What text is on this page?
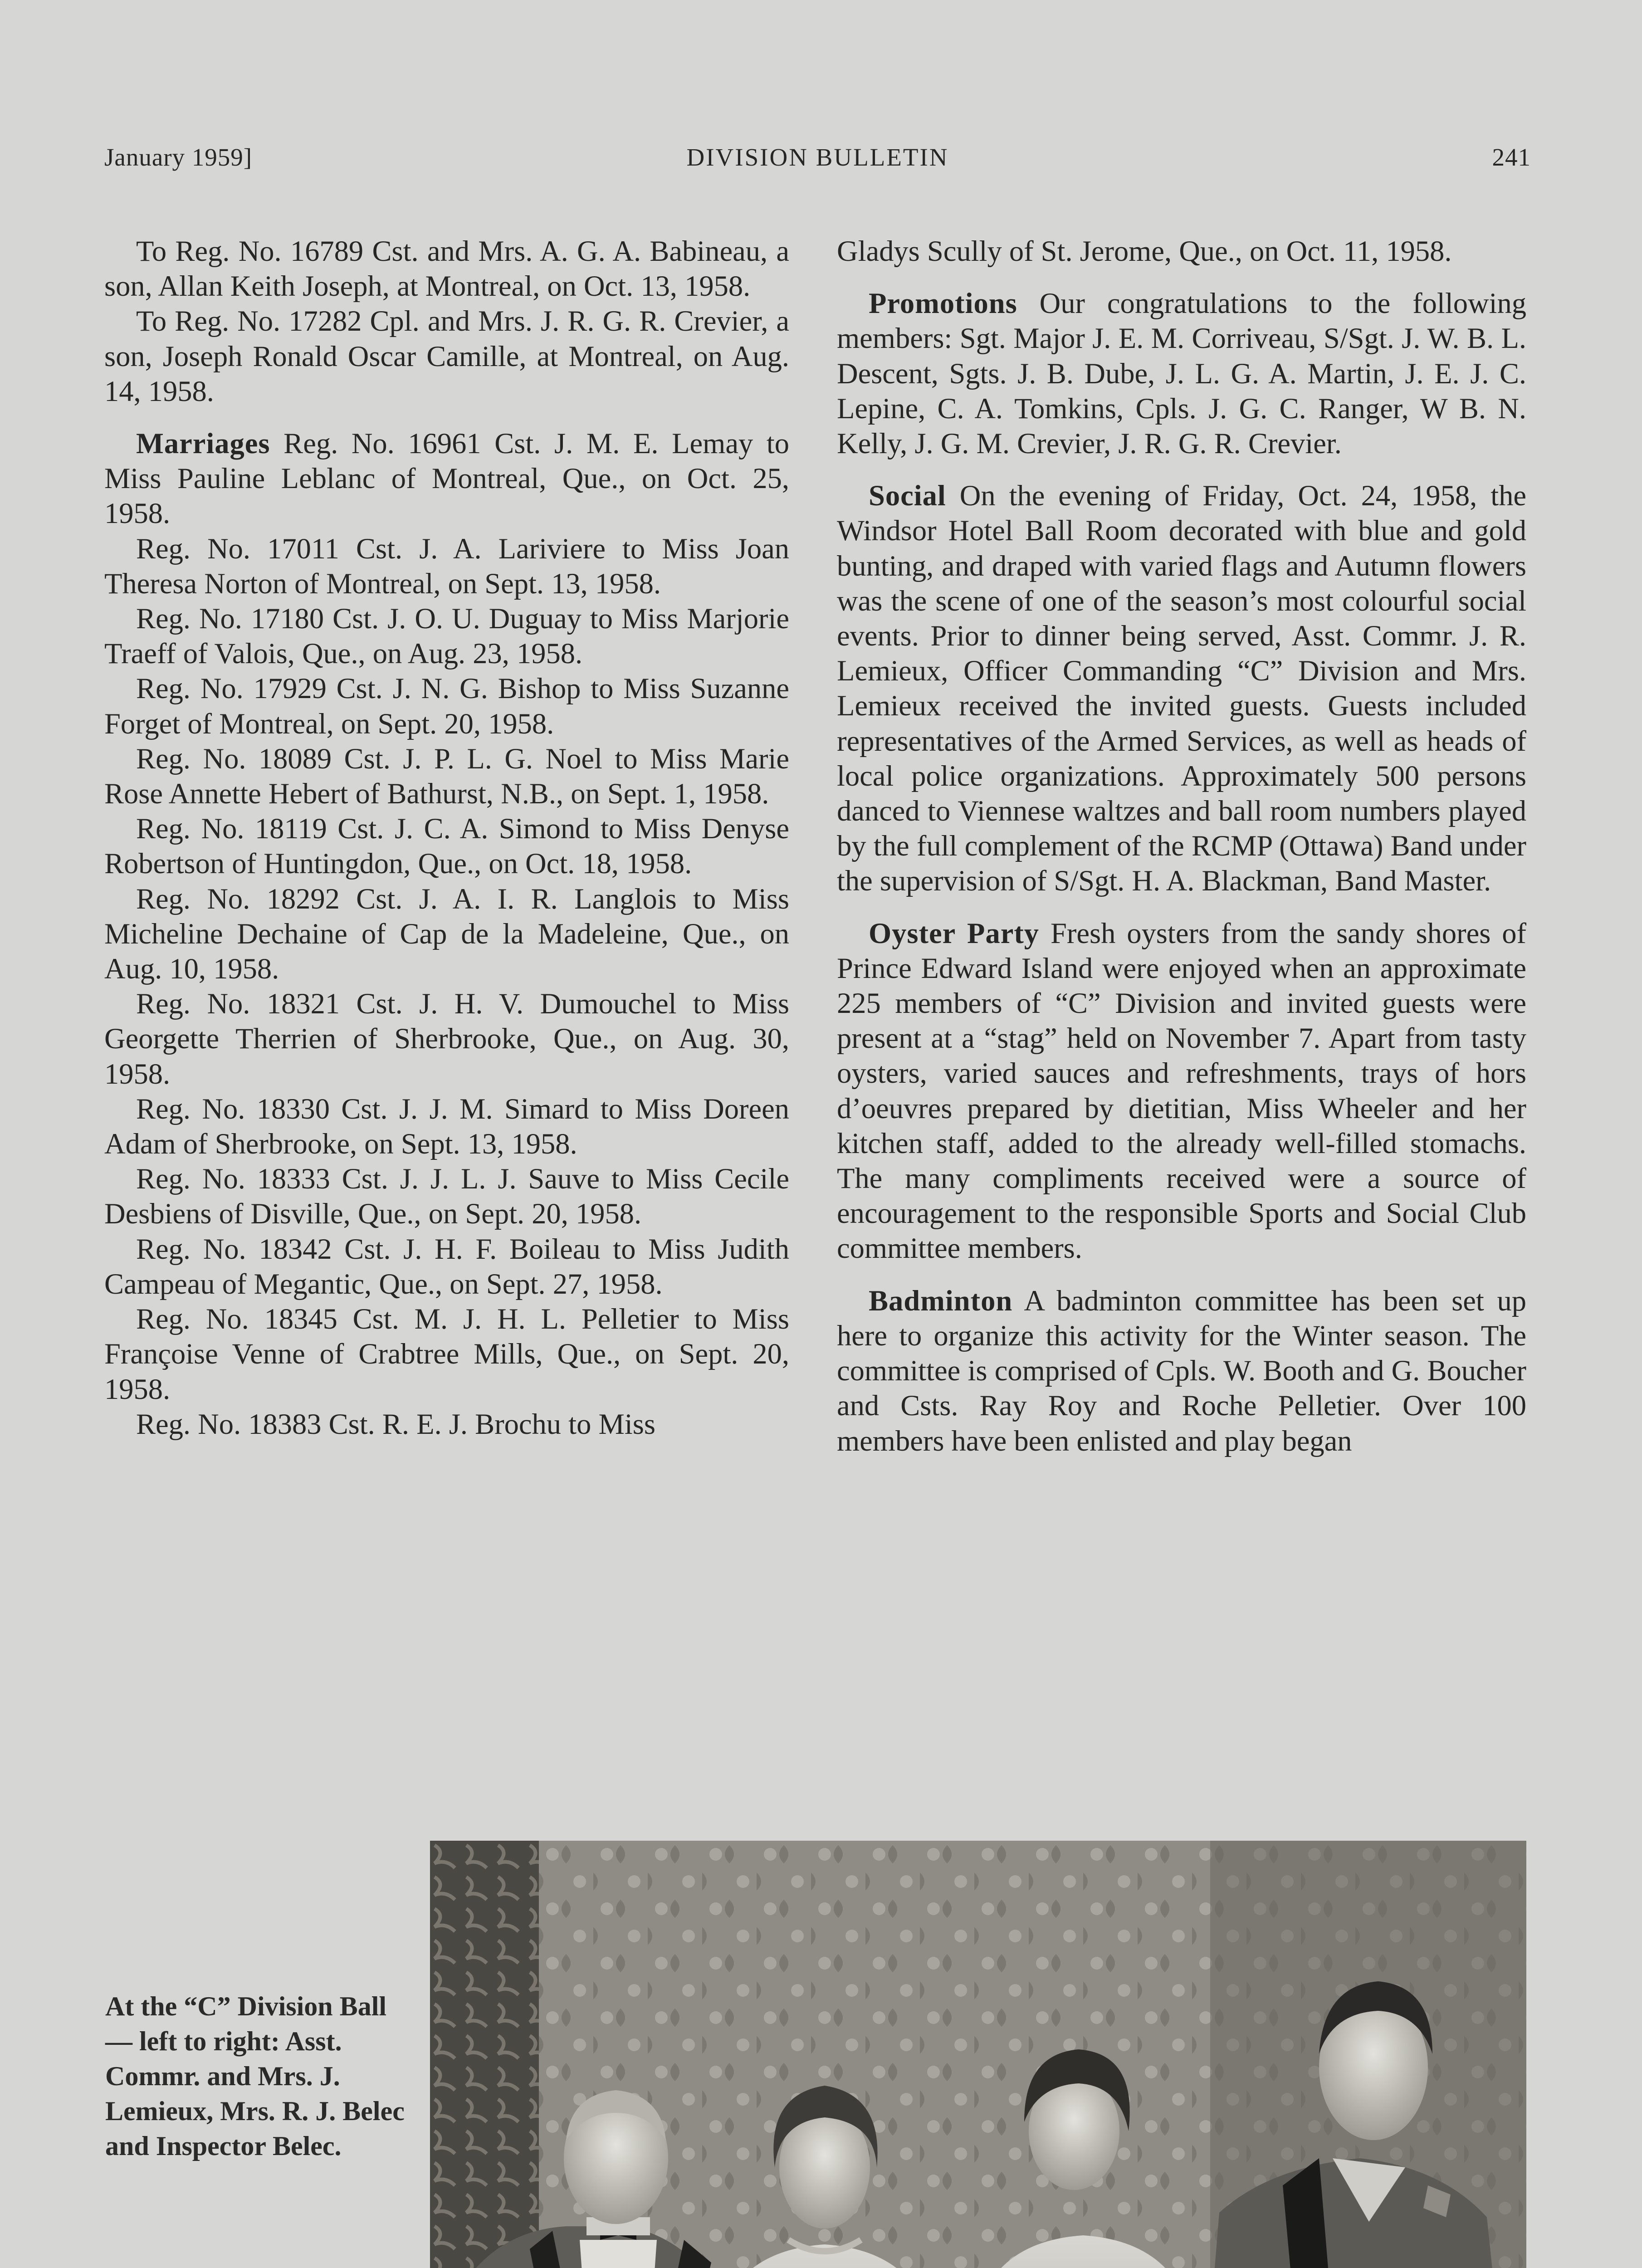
January 1959]	DIVISION BULLETIN	241

To Reg. No. 16789 Cst. and Mrs. A. G. A. Babineau, a son, Allan Keith Joseph, at Montreal, on Oct. 13, 1958.

To Reg. No. 17282 Cpl. and Mrs. J. R. G. R. Crevier, a son, Joseph Ronald Oscar Camille, at Montreal, on Aug. 14, 1958.

Marriages Reg. No. 16961 Cst. J. M. E. Lemay to Miss Pauline Leblanc of Montreal, Que., on Oct. 25, 1958.

Reg. No. 17011 Cst. J. A. Lariviere to Miss Joan Theresa Norton of Montreal, on Sept. 13, 1958.

Reg. No. 17180 Cst. J. O. U. Duguay to Miss Marjorie Traeff of Valois, Que., on Aug. 23, 1958.

Reg. No. 17929 Cst. J. N. G. Bishop to Miss Suzanne Forget of Montreal, on Sept. 20, 1958.

Reg. No. 18089 Cst. J. P. L. G. Noel to Miss Marie Rose Annette Hebert of Bathurst, N.B., on Sept. 1, 1958.

Reg. No. 18119 Cst. J. C. A. Simond to Miss Denyse Robertson of Huntingdon, Que., on Oct. 18, 1958.

Reg. No. 18292 Cst. J. A. I. R. Langlois to Miss Micheline Dechaine of Cap de la Madeleine, Que., on Aug. 10, 1958.

Reg. No. 18321 Cst. J. H. V. Dumouchel to Miss Georgette Therrien of Sherbrooke, Que., on Aug. 30, 1958.

Reg. No. 18330 Cst. J. J. M. Simard to Miss Doreen Adam of Sherbrooke, on Sept. 13, 1958.

Reg. No. 18333 Cst. J. J. L. J. Sauve to Miss Cecile Desbiens of Disville, Que., on Sept. 20, 1958.

Reg. No. 18342 Cst. J. H. F. Boileau to Miss Judith Campeau of Megantic, Que., on Sept. 27, 1958.

Reg. No. 18345 Cst. M. J. H. L. Pelletier to Miss Françoise Venne of Crabtree Mills, Que., on Sept. 20, 1958.

Reg. No. 18383 Cst. R. E. J. Brochu to Miss

Gladys Scully of St. Jerome, Que., on Oct. 11, 1958.

Promotions Our congratulations to the following members: Sgt. Major J. E. M. Corriveau, S/Sgt. J. W. B. L. Descent, Sgts. J. B. Dube, J. L. G. A. Martin, J. E. J. C. Lepine, C. A. Tomkins, Cpls. J. G. C. Ranger, W B. N. Kelly, J. G. M. Crevier, J. R. G. R. Crevier.

Social On the evening of Friday, Oct. 24, 1958, the Windsor Hotel Ball Room decorated with blue and gold bunting, and draped with varied flags and Autumn flowers was the scene of one of the season’s most colourful social events. Prior to dinner being served, Asst. Commr. J. R. Lemieux, Officer Commanding “C” Division and Mrs. Lemieux received the invited guests. Guests included representatives of the Armed Services, as well as heads of local police organizations. Approximately 500 persons danced to Viennese waltzes and ball room numbers played by the full complement of the RCMP (Ottawa) Band under the supervision of S/Sgt. H. A. Blackman, Band Master.

Oyster Party Fresh oysters from the sandy shores of Prince Edward Island were enjoyed when an approximate 225 members of “C” Division and invited guests were present at a “stag” held on November 7. Apart from tasty oysters, varied sauces and refreshments, trays of hors d’oeuvres prepared by dietitian, Miss Wheeler and her kitchen staff, added to the already well-filled stomachs. The many compliments received were a source of encouragement to the responsible Sports and Social Club committee members.

Badminton A badminton committee has been set up here to organize this activity for the Winter season. The committee is comprised of Cpls. W. Booth and G. Boucher and Csts. Ray Roy and Roche Pelletier. Over 100 members have been enlisted and play began

At the “C” Division Ball— left to right: Asst. Commr. and Mrs. J. Lemieux, Mrs. R. J. Belec and Inspector Belec.
